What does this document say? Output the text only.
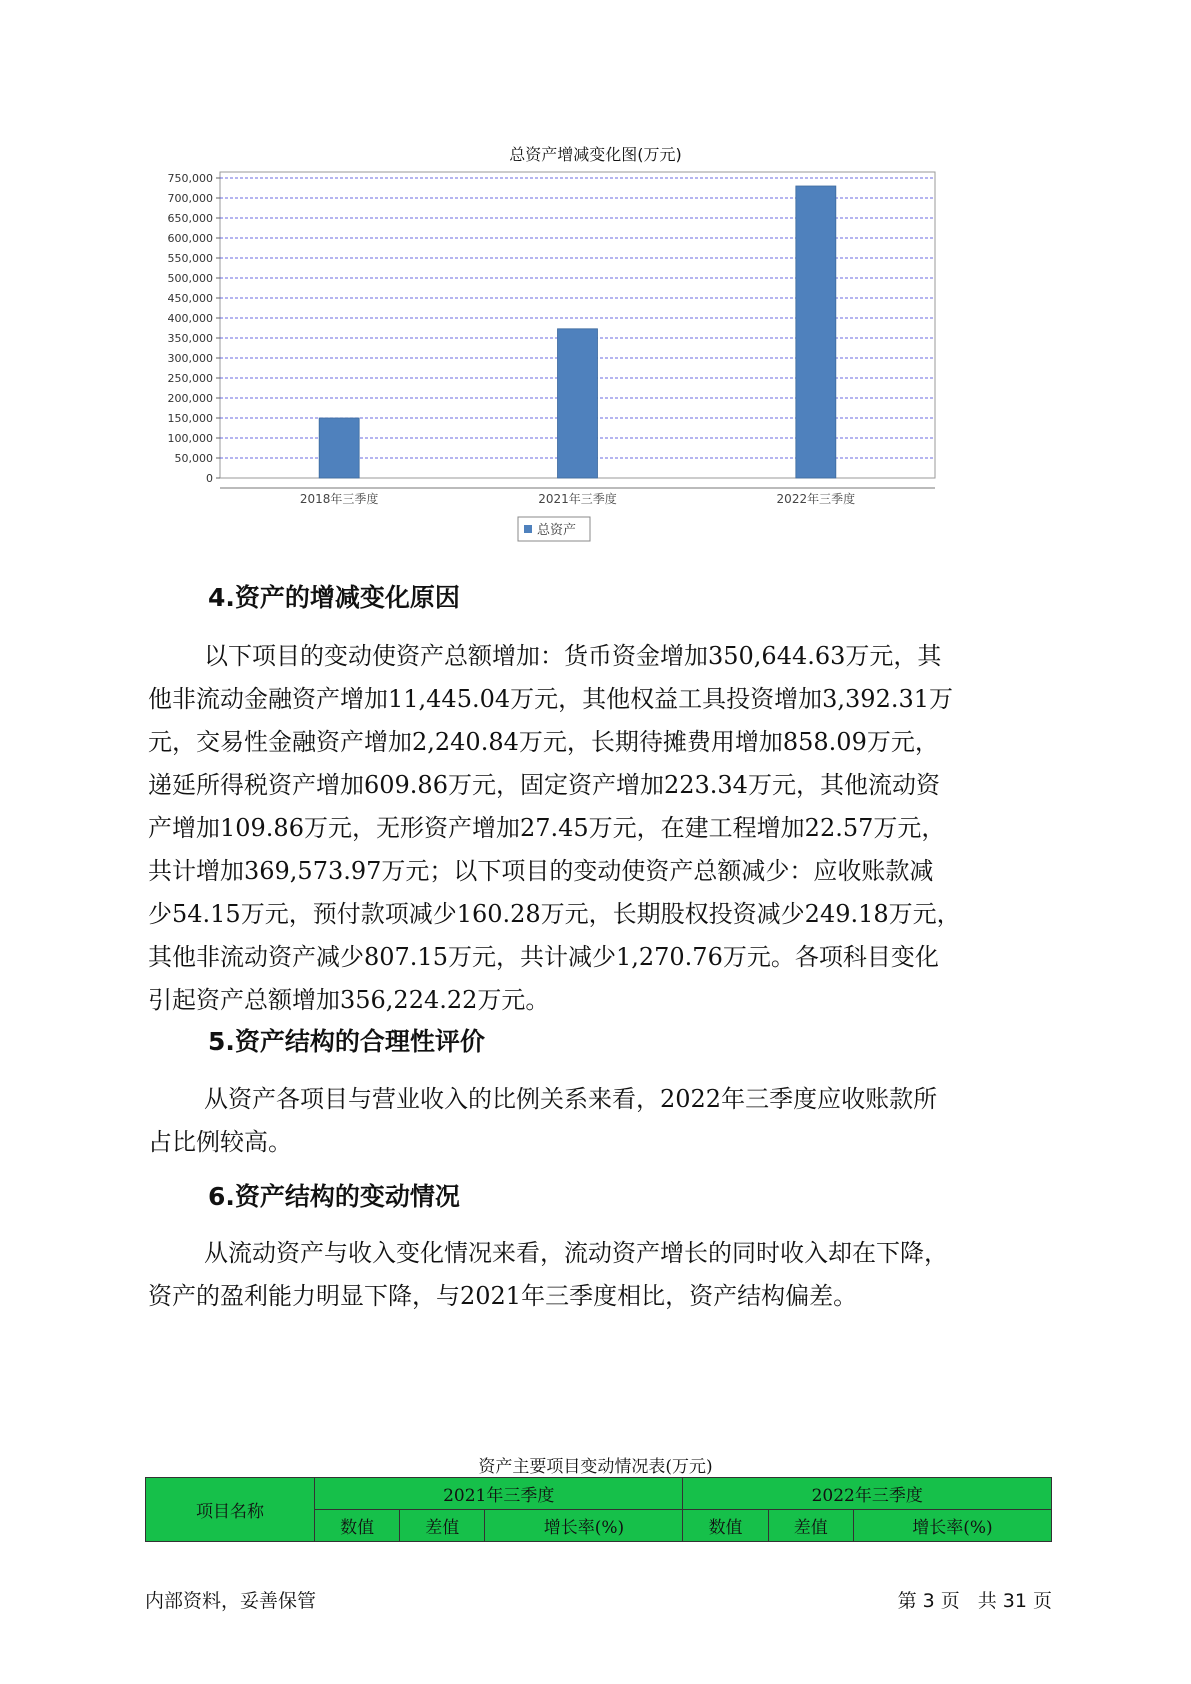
总资产增减变化图(万元)
0
50,000
100,000
150,000
200,000
250,000
300,000
350,000
400,000
450,000
500,000
550,000
600,000
650,000
700,000
750,000
2018年三季度	2021年三季度	2022年三季度
总资产
4.资产的增减变化原因
以下项目的变动使资产总额增加：货币资金增加350,644.63万元，其
他非流动金融资产增加11,445.04万元，其他权益工具投资增加3,392.31万
元，交易性金融资产增加2,240.84万元，长期待摊费用增加858.09万元，
递延所得税资产增加609.86万元，固定资产增加223.34万元，其他流动资
产增加109.86万元，无形资产增加27.45万元，在建工程增加22.57万元，
共计增加369,573.97万元；以下项目的变动使资产总额减少：应收账款减
少54.15万元，预付款项减少160.28万元，长期股权投资减少249.18万元，
其他非流动资产减少807.15万元，共计减少1,270.76万元。各项科目变化
引起资产总额增加356,224.22万元。
5.资产结构的合理性评价
从资产各项目与营业收入的比例关系来看，2022年三季度应收账款所
占比例较高。
6.资产结构的变动情况
从流动资产与收入变化情况来看，流动资产增长的同时收入却在下降，
资产的盈利能力明显下降，与2021年三季度相比，资产结构偏差。
资产主要项目变动情况表(万元)
项目名称	2021年三季度			2022年三季度		
	数值	差值	增长率(%)	数值	差值	增长率(%)
内部资料，妥善保管	第 3 页 共 31 页
